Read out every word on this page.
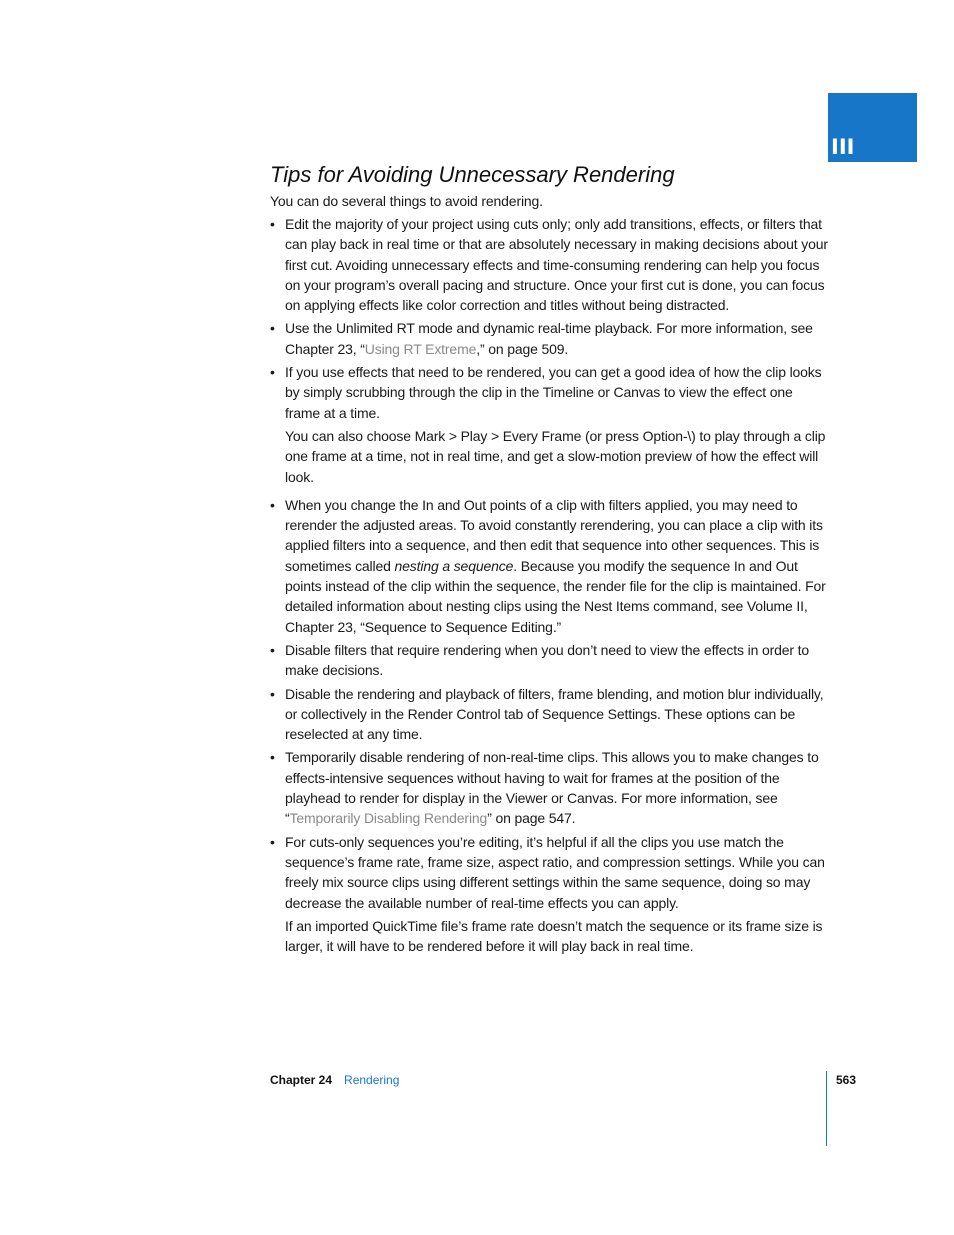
III
Tips for Avoiding Unnecessary Rendering

You can do several things to avoid rendering.

• Edit the majority of your project using cuts only; only add transitions, effects, or filters that can play back in real time or that are absolutely necessary in making decisions about your first cut. Avoiding unnecessary effects and time-consuming rendering can help you focus on your program’s overall pacing and structure. Once your first cut is done, you can focus on applying effects like color correction and titles without being distracted.

• Use the Unlimited RT mode and dynamic real-time playback. For more information, see Chapter 23, “Using RT Extreme,” on page 509.

• If you use effects that need to be rendered, you can get a good idea of how the clip looks by simply scrubbing through the clip in the Timeline or Canvas to view the effect one frame at a time.

You can also choose Mark > Play > Every Frame (or press Option-\) to play through a clip one frame at a time, not in real time, and get a slow-motion preview of how the effect will look.

• When you change the In and Out points of a clip with filters applied, you may need to rerender the adjusted areas. To avoid constantly rerendering, you can place a clip with its applied filters into a sequence, and then edit that sequence into other sequences. This is sometimes called nesting a sequence. Because you modify the sequence In and Out points instead of the clip within the sequence, the render file for the clip is maintained. For detailed information about nesting clips using the Nest Items command, see Volume II, Chapter 23, “Sequence to Sequence Editing.”

• Disable filters that require rendering when you don’t need to view the effects in order to make decisions.

• Disable the rendering and playback of filters, frame blending, and motion blur individually, or collectively in the Render Control tab of Sequence Settings. These options can be reselected at any time.

• Temporarily disable rendering of non-real-time clips. This allows you to make changes to effects-intensive sequences without having to wait for frames at the position of the playhead to render for display in the Viewer or Canvas. For more information, see “Temporarily Disabling Rendering” on page 547.

• For cuts-only sequences you’re editing, it’s helpful if all the clips you use match the sequence’s frame rate, frame size, aspect ratio, and compression settings. While you can freely mix source clips using different settings within the same sequence, doing so may decrease the available number of real-time effects you can apply.

If an imported QuickTime file’s frame rate doesn’t match the sequence or its frame size is larger, it will have to be rendered before it will play back in real time.

Chapter 24 Rendering	563
